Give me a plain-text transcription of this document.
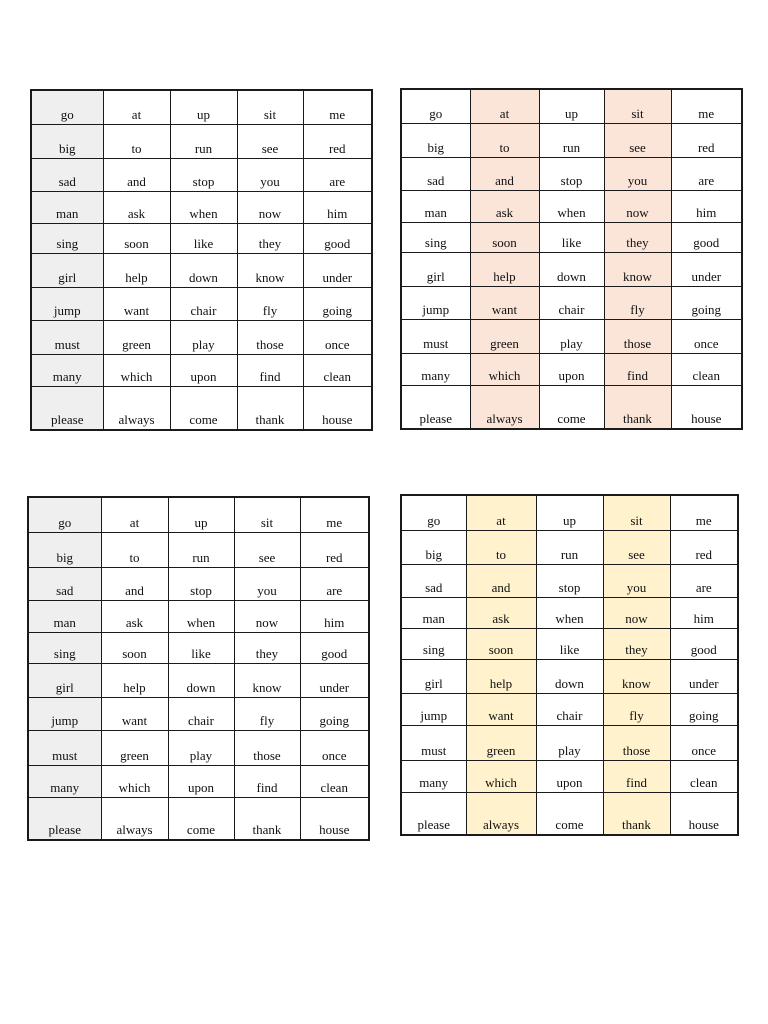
go	at	up	sit	me
big	to	run	see	red
sad	and	stop	you	are
man	ask	when	now	him
sing	soon	like	they	good
girl	help	down	know	under
jump	want	chair	fly	going
must	green	play	those	once
many	which	upon	find	clean
please	always	come	thank	house
go	at	up	sit	me
big	to	run	see	red
sad	and	stop	you	are
man	ask	when	now	him
sing	soon	like	they	good
girl	help	down	know	under
jump	want	chair	fly	going
must	green	play	those	once
many	which	upon	find	clean
please	always	come	thank	house
go	at	up	sit	me
big	to	run	see	red
sad	and	stop	you	are
man	ask	when	now	him
sing	soon	like	they	good
girl	help	down	know	under
jump	want	chair	fly	going
must	green	play	those	once
many	which	upon	find	clean
please	always	come	thank	house
go	at	up	sit	me
big	to	run	see	red
sad	and	stop	you	are
man	ask	when	now	him
sing	soon	like	they	good
girl	help	down	know	under
jump	want	chair	fly	going
must	green	play	those	once
many	which	upon	find	clean
please	always	come	thank	house
